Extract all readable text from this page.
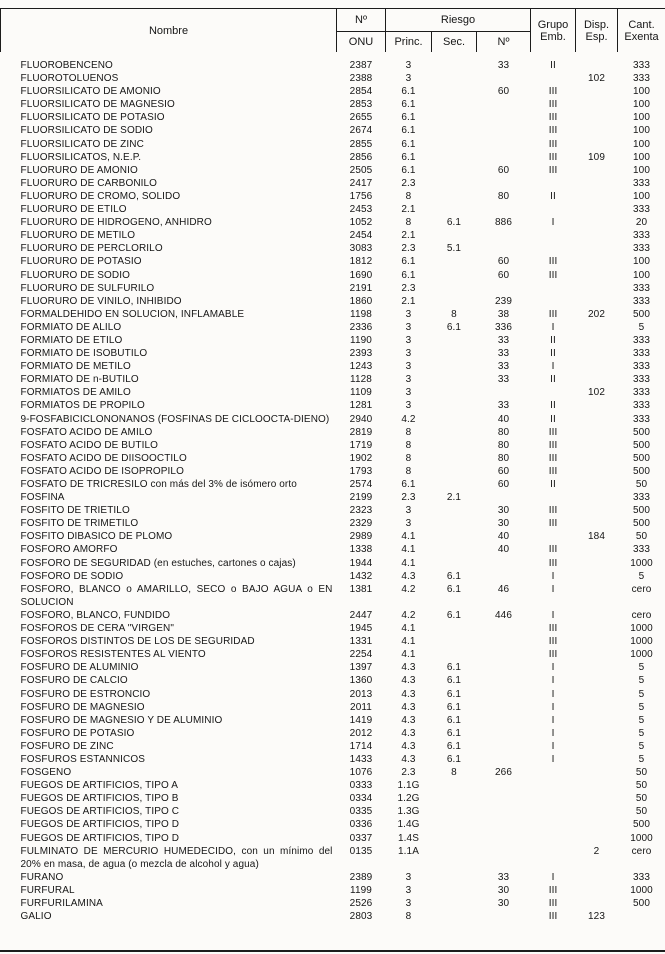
Nombre	Nº	Riesgo			Grupo Emb.	Disp. Esp.	Cant. Exenta
	ONU	Princ.	Sec.	Nº			
FLUOROBENCENO	2387	3		33	II		333
FLUOROTOLUENOS	2388	3				102	333
FLUORSILICATO DE AMONIO	2854	6.1		60	III		100
FLUORSILICATO DE MAGNESIO	2853	6.1			III		100
FLUORSILICATO DE POTASIO	2655	6.1			III		100
FLUORSILICATO DE SODIO	2674	6.1			III		100
FLUORSILICATO DE ZINC	2855	6.1			III		100
FLUORSILICATOS, N.E.P.	2856	6.1			III	109	100
FLUORURO DE AMONIO	2505	6.1		60	III		100
FLUORURO DE CARBONILO	2417	2.3					333
FLUORURO DE CROMO, SOLIDO	1756	8		80	II		100
FLUORURO DE ETILO	2453	2.1					333
FLUORURO DE HIDROGENO, ANHIDRO	1052	8	6.1	886	I		20
FLUORURO DE METILO	2454	2.1					333
FLUORURO DE PERCLORILO	3083	2.3	5.1				333
FLUORURO DE POTASIO	1812	6.1		60	III		100
FLUORURO DE SODIO	1690	6.1		60	III		100
FLUORURO DE SULFURILO	2191	2.3					333
FLUORURO DE VINILO, INHIBIDO	1860	2.1		239			333
FORMALDEHIDO EN SOLUCION, INFLAMABLE	1198	3	8	38	III	202	500
FORMIATO DE ALILO	2336	3	6.1	336	I		5
FORMIATO DE ETILO	1190	3		33	II		333
FORMIATO DE ISOBUTILO	2393	3		33	II		333
FORMIATO DE METILO	1243	3		33	I		333
FORMIATO DE n-BUTILO	1128	3		33	II		333
FORMIATOS DE AMILO	1109	3				102	333
FORMIATOS DE PROPILO	1281	3		33	II		333
9-FOSFABICICLONONANOS (FOSFINAS DE CICLOOCTA-DIENO)	2940	4.2		40	II		333
FOSFATO ACIDO DE AMILO	2819	8		80	III		500
FOSFATO ACIDO DE BUTILO	1719	8		80	III		500
FOSFATO ACIDO DE DIISOOCTILO	1902	8		80	III		500
FOSFATO ACIDO DE ISOPROPILO	1793	8		60	III		500
FOSFATO DE TRICRESILO con más del 3% de isómero orto	2574	6.1		60	II		50
FOSFINA	2199	2.3	2.1				333
FOSFITO DE TRIETILO	2323	3		30	III		500
FOSFITO DE TRIMETILO	2329	3		30	III		500
FOSFITO DIBASICO DE PLOMO	2989	4.1		40		184	50
FOSFORO AMORFO	1338	4.1		40	III		333
FOSFORO DE SEGURIDAD (en estuches, cartones o cajas)	1944	4.1			III		1000
FOSFORO DE SODIO	1432	4.3	6.1		I		5
FOSFORO, BLANCO o AMARILLO, SECO o BAJO AGUA o EN SOLUCION	1381	4.2	6.1	46	I		cero
FOSFORO, BLANCO, FUNDIDO	2447	4.2	6.1	446	I		cero
FOSFOROS DE CERA "VIRGEN"	1945	4.1			III		1000
FOSFOROS DISTINTOS DE LOS DE SEGURIDAD	1331	4.1			III		1000
FOSFOROS RESISTENTES AL VIENTO	2254	4.1			III		1000
FOSFURO DE ALUMINIO	1397	4.3	6.1		I		5
FOSFURO DE CALCIO	1360	4.3	6.1		I		5
FOSFURO DE ESTRONCIO	2013	4.3	6.1		I		5
FOSFURO DE MAGNESIO	2011	4.3	6.1		I		5
FOSFURO DE MAGNESIO Y DE ALUMINIO	1419	4.3	6.1		I		5
FOSFURO DE POTASIO	2012	4.3	6.1		I		5
FOSFURO DE ZINC	1714	4.3	6.1		I		5
FOSFUROS ESTANNICOS	1433	4.3	6.1		I		5
FOSGENO	1076	2.3	8	266			50
FUEGOS DE ARTIFICIOS, TIPO A	0333	1.1G					50
FUEGOS DE ARTIFICIOS, TIPO B	0334	1.2G					50
FUEGOS DE ARTIFICIOS, TIPO C	0335	1.3G					50
FUEGOS DE ARTIFICIOS, TIPO D	0336	1.4G					500
FUEGOS DE ARTIFICIOS, TIPO D	0337	1.4S					1000
FULMINATO DE MERCURIO HUMEDECIDO, con un mínimo del 20% en masa, de agua (o mezcla de alcohol y agua)	0135	1.1A				2	cero
FURANO	2389	3		33	I		333
FURFURAL	1199	3		30	III		1000
FURFURILAMINA	2526	3		30	III		500
GALIO	2803	8			III	123	
